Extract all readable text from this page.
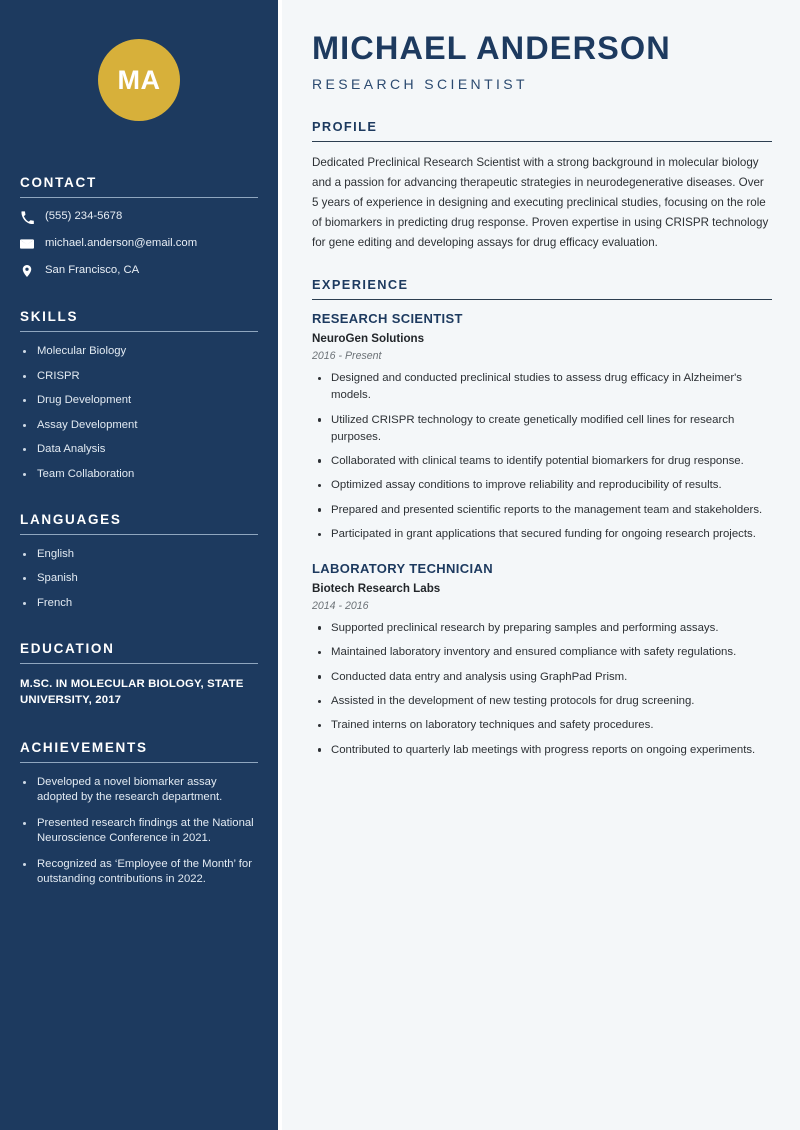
MA
CONTACT
(555) 234-5678
michael.anderson@email.com
San Francisco, CA
SKILLS
Molecular Biology
CRISPR
Drug Development
Assay Development
Data Analysis
Team Collaboration
LANGUAGES
English
Spanish
French
EDUCATION
M.SC. IN MOLECULAR BIOLOGY, STATE UNIVERSITY, 2017
ACHIEVEMENTS
Developed a novel biomarker assay adopted by the research department.
Presented research findings at the National Neuroscience Conference in 2021.
Recognized as ‘Employee of the Month’ for outstanding contributions in 2022.
MICHAEL ANDERSON
RESEARCH SCIENTIST
PROFILE

Dedicated Preclinical Research Scientist with a strong background in molecular biology and a passion for advancing therapeutic strategies in neurodegenerative diseases. Over 5 years of experience in designing and executing preclinical studies, focusing on the role of biomarkers in predicting drug response. Proven expertise in using CRISPR technology for gene editing and developing assays for drug efficacy evaluation.

EXPERIENCE
RESEARCH SCIENTIST
NeuroGen Solutions
2016 - Present
Designed and conducted preclinical studies to assess drug efficacy in Alzheimer's models.
Utilized CRISPR technology to create genetically modified cell lines for research purposes.
Collaborated with clinical teams to identify potential biomarkers for drug response.
Optimized assay conditions to improve reliability and reproducibility of results.
Prepared and presented scientific reports to the management team and stakeholders.
Participated in grant applications that secured funding for ongoing research projects.
LABORATORY TECHNICIAN
Biotech Research Labs
2014 - 2016
Supported preclinical research by preparing samples and performing assays.
Maintained laboratory inventory and ensured compliance with safety regulations.
Conducted data entry and analysis using GraphPad Prism.
Assisted in the development of new testing protocols for drug screening.
Trained interns on laboratory techniques and safety procedures.
Contributed to quarterly lab meetings with progress reports on ongoing experiments.
